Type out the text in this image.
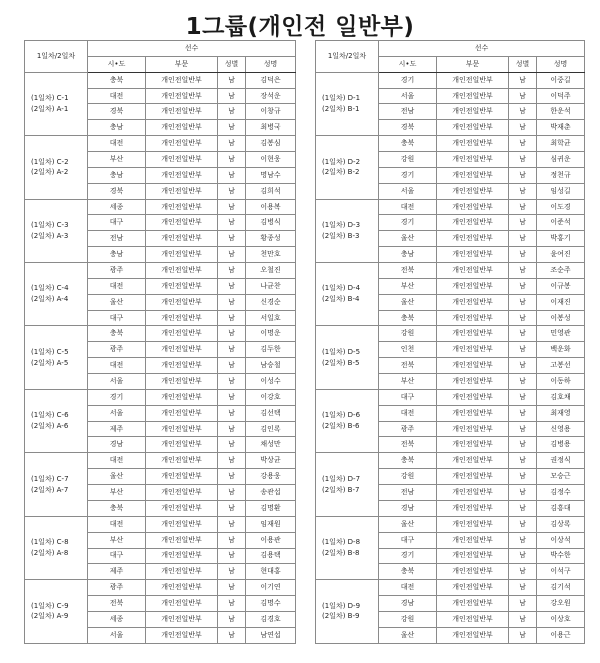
1그룹(개인전 일반부)
1일차/2일차	선수			
	시•도	부문	성별	성명

(1일차) C-1
(2일차) A-1	충북	개인전일반부	남	김덕은
	대전	개인전일반부	남	장석운
	경북	개인전일반부	남	이창규
	충남	개인전일반부	남	최병국

(1일차) C-2
(2일차) A-2	대전	개인전일반부	남	김봉심
	부산	개인전일반부	남	이현웅
	충남	개인전일반부	남	명남수
	경북	개인전일반부	남	김희석

(1일차) C-3
(2일차) A-3	세종	개인전일반부	남	이용복
	대구	개인전일반부	남	김병식
	전남	개인전일반부	남	황종성
	충남	개인전일반부	남	천만호

(1일차) C-4
(2일차) A-4	광주	개인전일반부	남	오철진
	대전	개인전일반부	남	나균찬
	울산	개인전일반부	남	신경순
	대구	개인전일반부	남	서일호

(1일차) C-5
(2일차) A-5	충북	개인전일반부	남	이명운
	광주	개인전일반부	남	김두한
	대전	개인전일반부	남	남승철
	서울	개인전일반부	남	이성수

(1일차) C-6
(2일차) A-6	경기	개인전일반부	남	이강호
	서울	개인전일반부	남	김선택
	제주	개인전일반부	남	김인록
	경남	개인전일반부	남	채성만

(1일차) C-7
(2일차) A-7	대전	개인전일반부	남	박상균
	울산	개인전일반부	남	강용웅
	부산	개인전일반부	남	송관섭
	충북	개인전일반부	남	김명환

(1일차) C-8
(2일차) A-8	대전	개인전일반부	남	임재원
	부산	개인전일반부	남	이용관
	대구	개인전일반부	남	김용택
	제주	개인전일반부	남	현대홍

(1일차) C-9
(2일차) A-9	광주	개인전일반부	남	이기연
	전북	개인전일반부	남	김명수
	세종	개인전일반부	남	김경호
	서울	개인전일반부	남	남연섭
1일차/2일차	선수			
	시•도	부문	성별	성명

(1일차) D-1
(2일차) B-1	경기	개인전일반부	남	이중길
	서울	개인전일반부	남	이덕주
	전남	개인전일반부	남	한운석
	경북	개인전일반부	남	박재춘

(1일차) D-2
(2일차) B-2	충북	개인전일반부	남	최학균
	강원	개인전일반부	남	심귀운
	경기	개인전일반부	남	정천규
	서울	개인전일반부	남	임성길

(1일차) D-3
(2일차) B-3	대전	개인전일반부	남	이도경
	경기	개인전일반부	남	이준석
	울산	개인전일반부	남	박홍기
	충남	개인전일반부	남	윤여진

(1일차) D-4
(2일차) B-4	전북	개인전일반부	남	조순주
	부산	개인전일반부	남	이규봉
	울산	개인전일반부	남	이재진
	충북	개인전일반부	남	이봉성

(1일차) D-5
(2일차) B-5	강원	개인전일반부	남	민영관
	인천	개인전일반부	남	백운화
	전북	개인전일반부	남	고봉선
	부산	개인전일반부	남	이동하

(1일차) D-6
(2일차) B-6	대구	개인전일반부	남	김호채
	대전	개인전일반부	남	최재영
	광주	개인전일반부	남	신영용
	전북	개인전일반부	남	김병용

(1일차) D-7
(2일차) B-7	충북	개인전일반부	남	권정식
	강원	개인전일반부	남	모승근
	전남	개인전일반부	남	김정수
	경남	개인전일반부	남	김흥대

(1일차) D-8
(2일차) B-8	울산	개인전일반부	남	김상록
	대구	개인전일반부	남	이상석
	경기	개인전일반부	남	박수한
	충북	개인전일반부	남	이석구

(1일차) D-9
(2일차) B-9	대전	개인전일반부	남	김기석
	경남	개인전일반부	남	강오원
	강원	개인전일반부	남	이상호
	울산	개인전일반부	남	이용근
